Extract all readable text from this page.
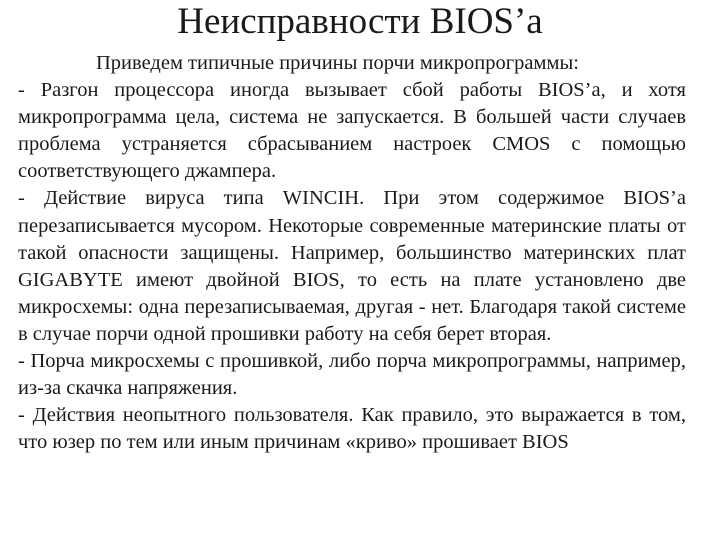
Неисправности BIOS’а

Приведем типичные причины порчи микропрограммы:

- Разгон процессора иногда вызывает сбой работы BIOS’а, и хотя микропрограмма цела, система не запускается. В большей части случаев проблема устраняется сбрасыванием настроек CMOS с помощью соответствующего джампера.

- Действие вируса типа WINCIH. При этом содержимое BIOS’а перезаписывается мусором. Некоторые современные материнские платы от такой опасности защищены. Например, большинство материнских плат GIGABYTE имеют двойной BIOS, то есть на плате установлено две микросхемы: одна перезаписываемая, другая - нет. Благодаря такой системе в случае порчи одной прошивки работу на себя берет вторая.

- Порча микросхемы с прошивкой, либо порча микропрограммы, например, из-за скачка напряжения.

- Действия неопытного пользователя. Как правило, это выражается в том, что юзер по тем или иным причинам «криво» прошивает BIOS
